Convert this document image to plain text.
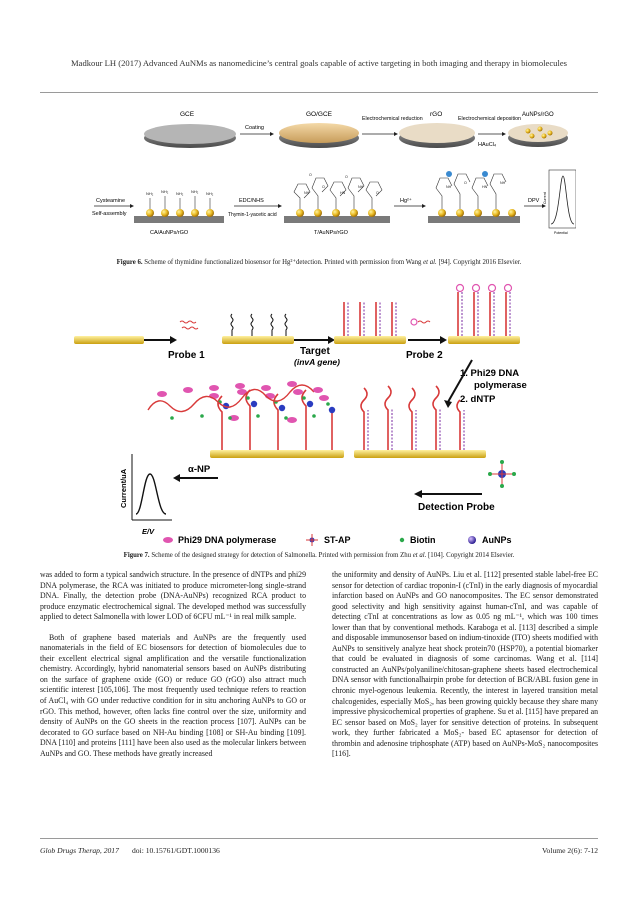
Madkour LH (2017) Advanced AuNMs as nanomedicine’s central goals capable of active targeting in both imaging and therapy in biomolecules
GCE
Coating
GO/GCE
Electrochemical reduction
rGO
Electrochemical deposition
HAuCl₄
AuNPs/rGO
NH₂ NH₂ NH₂ NH₂ NH₂
Cysteamine
Self-assembly
CA/AuNPs/rGO
EDC/NHS
Thymin-1-yacetic acid
NH
O
HN
NH
O
O	O
T/AuNPs/rGO
Hg²⁺
NH
O
HN
NH
DPV Current
Potential
Figure 6. Scheme of thymidine functionalized biosensor for Hg²⁺detection. Printed with permission from Wang et al. [94]. Copyright 2016 Elsevier.
Probe 1	Target
(invA gene)
Probe 2
1. Phi29 DNA
polymerase
2. dNTP
Detection Probe
Current/uA
E/V
α-NP
Phi29 DNA polymerase	ST-AP	Biotin	AuNPs
Figure 7. Scheme of the designed strategy for detection of Salmonella. Printed with permission from Zhu et al. [104]. Copyright 2014 Elsevier.

was added to form a typical sandwich structure. In the presence of dNTPs and phi29 DNA polymerase, the RCA was initiated to produce micrometer-long single-strand DNA. Finally, the detection probe (DNA-AuNPs) recognized RCA product to produce enzymatic electrochemical signal. The developed method was successfully applied to detect Salmonella with lower LOD of 6CFU mL⁻¹ in real milk sample.

Both of graphene based materials and AuNPs are the frequently used nanomaterials in the field of EC biosensors for detection of biomolecules due to their excellent electrical signal amplification and the versatile functionalization chemistry. Accordingly, hybrid nanomaterial sensors based on AuNPs distributing on the surface of graphene oxide (GO) or reduce GO (rGO) also attract much scientific interest [105,106]. The most frequently used technique refers to reaction of AuCl₄ with GO under reductive condition for in situ anchoring AuNPs to GO or rGO. This method, however, often lacks fine control over the size, uniformity and density of AuNPs on the GO sheets in the reaction process [107]. AuNPs can be decorated to GO surface based on NH-Au binding [108] or SH-Au binding [109]. DNA [110] and proteins [111] have been also used as the molecular linkers between AuNPs and GO. These methods have greatly increased

the uniformity and density of AuNPs. Liu et al. [112] presented stable label-free EC sensor for detection of cardiac troponin-I (cTnI) in the early diagnosis of myocardial infarction based on AuNPs and GO nanocomposites. The EC sensor demonstrated good selectivity and high sensitivity against human-cTnI, and was capable of detecting cTnI at concentrations as low as 0.05 ng mL⁻¹, which was 100 times lower than that by conventional methods. Karaboga et al. [113] described a simple and disposable immunosensor based on indium-tinoxide (ITO) sheets modified with AuNPs to sensitively analyze heat shock protein70 (HSP70), a potential biomarker that could be evaluated in diagnosis of some carcinomas. Wang et al. [114] constructed an AuNPs/polyaniline/chitosan-graphene sheets based electrochemical DNA sensor with functionalhairpin probe for detection of BCR/ABL fusion gene in chronic myel-ogenous leukemia. Recently, the interest in layered transition metal chalcogenides, especially MoS₂, has been growing quickly because they share many impressive physicochemical properties of graphene. Su et al. [115] have prepared an EC sensor based on MoS₂ layer for sensitive detection of proteins. In subsequent work, they further fabricated a MoS₂- based EC aptasensor for detection of thrombin and adenosine triphosphate (ATP) based on AuNPs-MoS₂ nanocomposites [116].

Glob Drugs Therap, 2017 doi: 10.15761/GDT.1000136	Volume 2(6): 7-12
